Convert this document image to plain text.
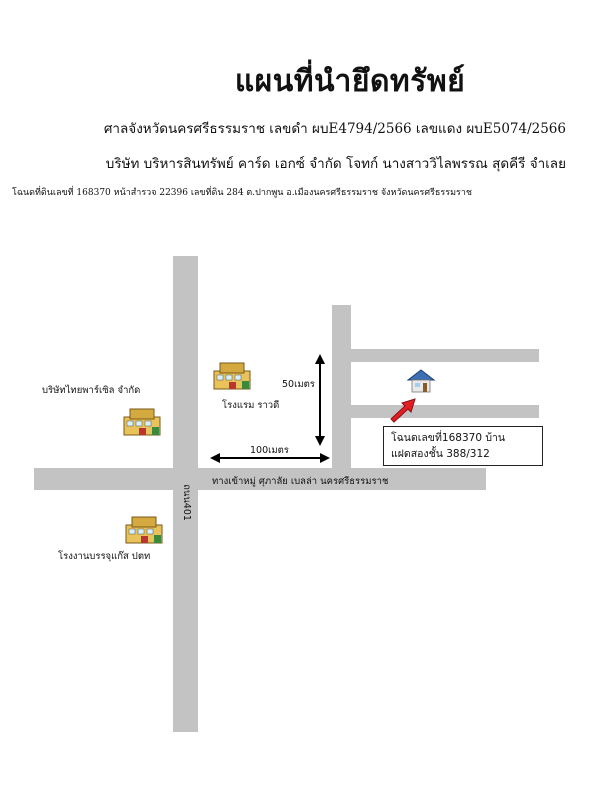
แผนที่นำยึดทรัพย์
ศาลจังหวัดนครศรีธรรมราช เลขดำ ผบE4794/2566 เลขแดง ผบE5074/2566
บริษัท บริหารสินทรัพย์ คาร์ด เอกซ์ จำกัด โจทก์ นางสาววิไลพรรณ สุดคีรี จำเลย
โฉนดที่ดินเลขที่ 168370 หน้าสำรวจ 22396 เลขที่ดิน 284 ต.ปากพูน อ.เมืองนครศรีธรรมราช จังหวัดนครศรีธรรมราช
ทางเข้าหมู่ ศุภาลัย เบลล่า นครศรีธรรมราช
ถนน401
โรงแรม ราวดี
บริษัทไทยพาร์เซิล จำกัด
โรงงานบรรจุแก๊ส ปตท
50เมตร
100เมตร
โฉนดเลขที่168370 บ้าน
แฝดสองชั้น 388/312
